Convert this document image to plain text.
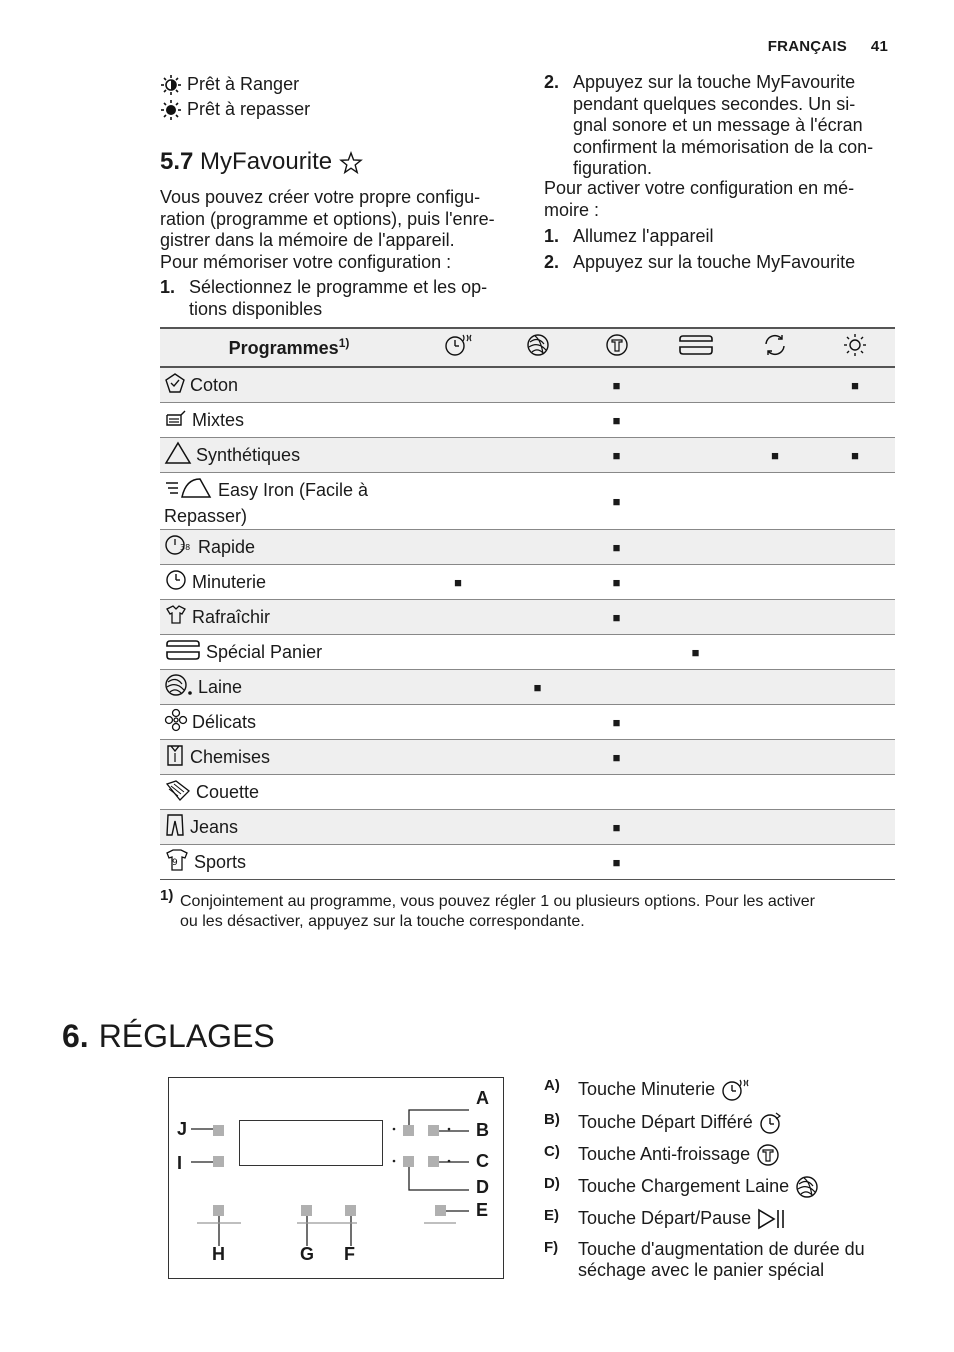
FRANÇAIS 41
Prêt à Ranger
Prêt à repasser
5.7 MyFavourite
Vous pouvez créer votre propre configu-
ration (programme et options), puis l'enre-
gistrer dans la mémoire de l'appareil.
Pour mémoriser votre configuration :
1. Sélectionnez le programme et les op-
tions disponibles
2. Appuyez sur la touche MyFavourite
pendant quelques secondes. Un si-
gnal sonore et un message à l'écran
confirment la mémorisation de la con-
figuration.
Pour activer votre configuration en mé-
moire :
1. Allumez l'appareil
2. Appuyez sur la touche MyFavourite
Programmes$^{1)}$						
Coton			■			■
Mixtes			■			
Synthétiques			■		■	■
Easy Iron (Facile à Repasser)			■			

38 Rapide			■			
Minuterie	■		■			
Rafraîchir			■			
Spécial Panier				■		
Laine		■				
Délicats			■			
Chemises			■			
Couette						
Jeans			■			

9 Sports			■			
1) Conjointement au programme, vous pouvez régler 1 ou plusieurs options. Pour les activer
ou les désactiver, appuyez sur la touche correspondante.
6. RÉGLAGES
A
B
C
D
E
F
G
H
I
J
A) Touche Minuterie
B) Touche Départ Différé
C) Touche Anti-froissage
D) Touche Chargement Laine
E) Touche Départ/Pause
F) Touche d'augmentation de durée du séchage avec le panier spécial
